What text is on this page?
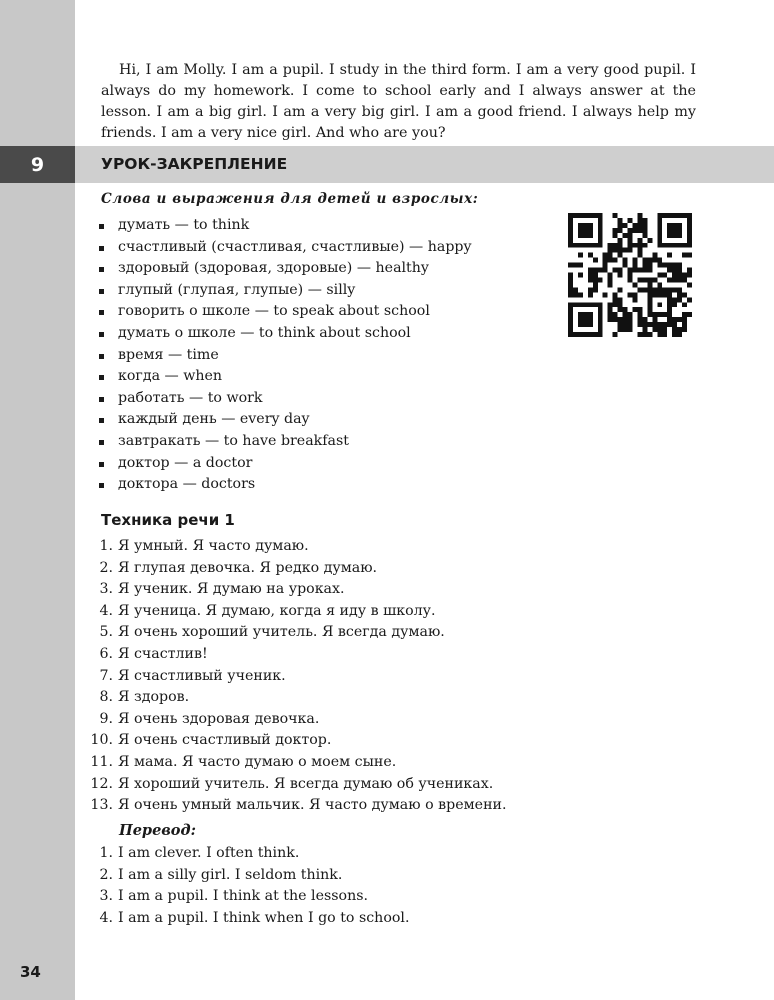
34

Hi, I am Molly. I am a pupil. I study in the third form. I am a very good pupil. I always do my homework. I come to school early and I always answer at the lesson. I am a big girl. I am a very big girl. I am a good friend. I always help my friends. I am a very nice girl. And who are you?

9	УРОК-ЗАКРЕПЛЕНИЕ
Слова и выражения для детей и взрослых:
думать — to think
счастливый (счастливая, счастливые) — happy
здоровый (здоровая, здоровые) — healthy
глупый (глупая, глупые) — silly
говорить о школе — to speak about school
думать о школе — to think about school
время — time
когда — when
работать — to work
каждый день — every day
завтракать — to have breakfast
доктор — a doctor
доктора — doctors
Техника речи 1
1. Я умный. Я часто думаю.
2. Я глупая девочка. Я редко думаю.
3. Я ученик. Я думаю на уроках.
4. Я ученица. Я думаю, когда я иду в школу.
5. Я очень хороший учитель. Я всегда думаю.
6. Я счастлив!
7. Я счастливый ученик.
8. Я здоров.
9. Я очень здоровая девочка.
10. Я очень счастливый доктор.
11. Я мама. Я часто думаю о моем сыне.
12. Я хороший учитель. Я всегда думаю об учениках.
13. Я очень умный мальчик. Я часто думаю о времени.
Перевод:
1. I am clever. I often think.
2. I am a silly girl. I seldom think.
3. I am a pupil. I think at the lessons.
4. I am a pupil. I think when I go to school.
